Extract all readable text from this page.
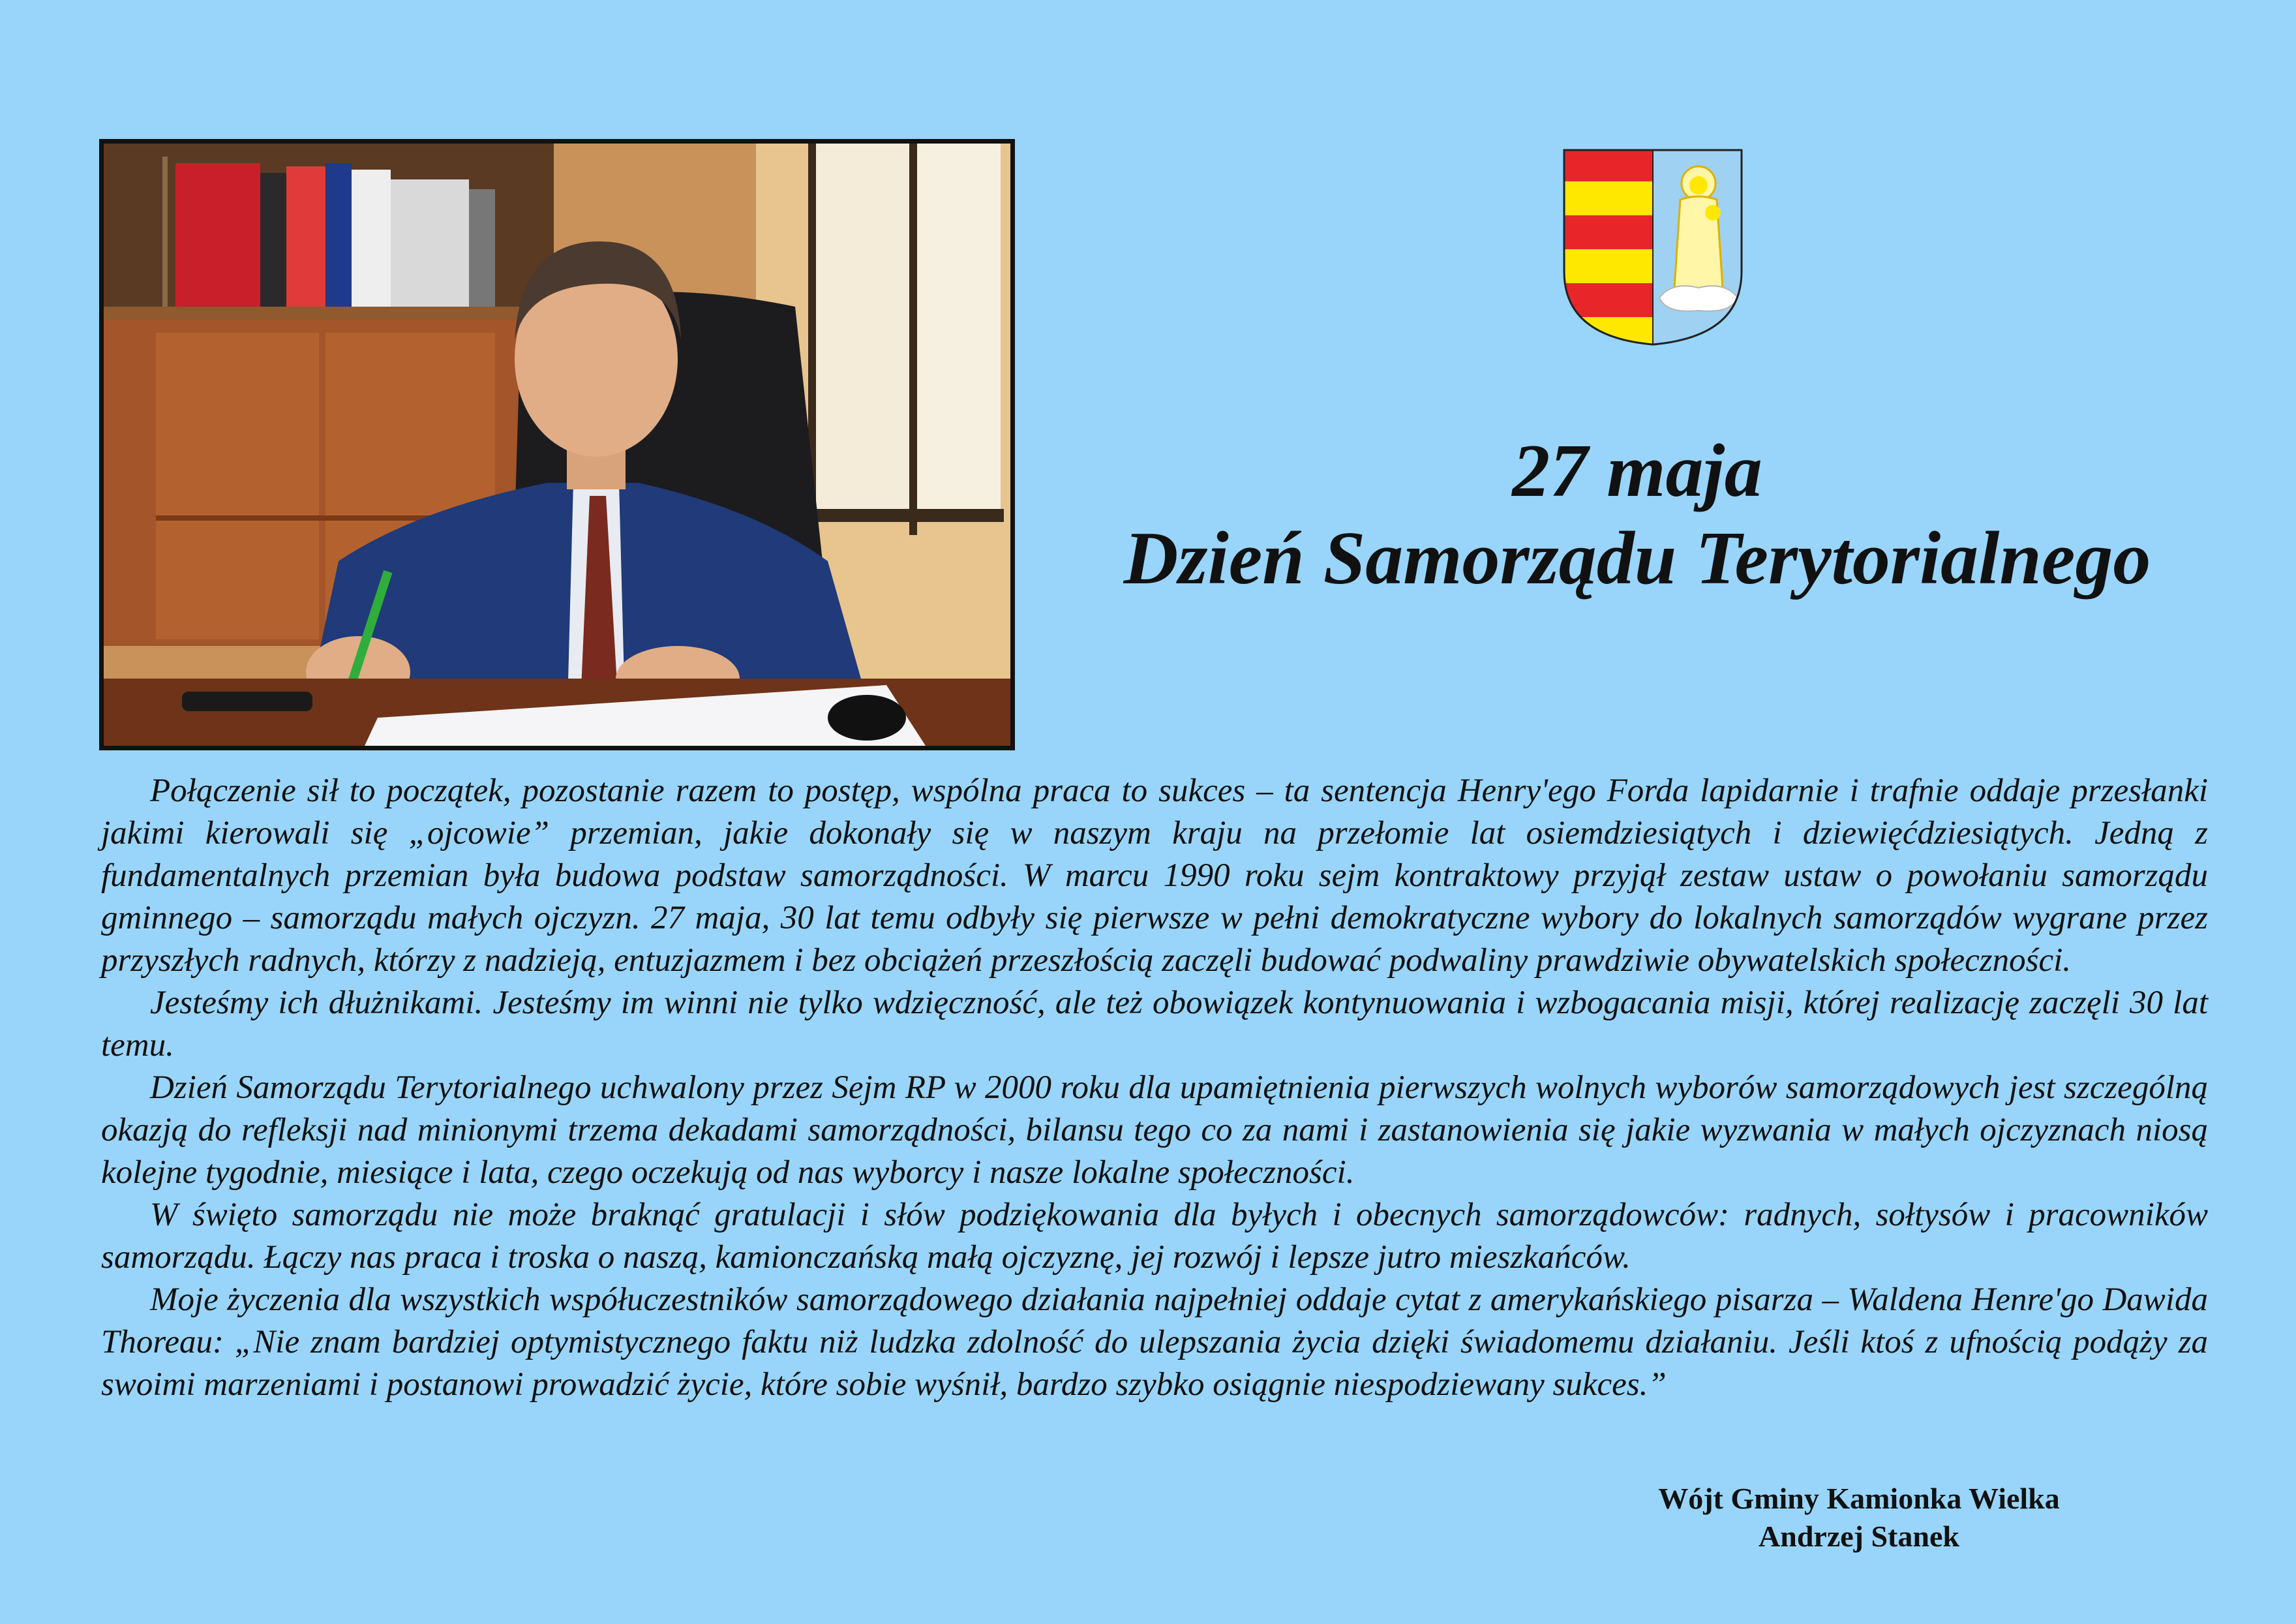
27 maja
Dzień Samorządu Terytorialnego

Połączenie sił to początek, pozostanie razem to postęp, wspólna praca to sukces – ta sentencja Henry'ego Forda lapidarnie i trafnie oddaje przesłanki jakimi kierowali się „ojcowie” przemian, jakie dokonały się w naszym kraju na przełomie lat osiemdziesiątych i dziewięćdziesiątych. Jedną z fundamentalnych przemian była budowa podstaw samorządności. W marcu 1990 roku sejm kontraktowy przyjął zestaw ustaw o powołaniu samorządu gminnego – samorządu małych ojczyzn. 27 maja, 30 lat temu odbyły się pierwsze w pełni demokratyczne wybory do lokalnych samorządów wygrane przez przyszłych radnych, którzy z nadzieją, entuzjazmem i bez obciążeń przeszłością zaczęli budować podwaliny prawdziwie obywatelskich społeczności.

Jesteśmy ich dłużnikami. Jesteśmy im winni nie tylko wdzięczność, ale też obowiązek kontynuowania i wzbogacania misji, której realizację zaczęli 30 lat temu.

Dzień Samorządu Terytorialnego uchwalony przez Sejm RP w 2000 roku dla upamiętnienia pierwszych wolnych wyborów samorządowych jest szczególną okazją do refleksji nad minionymi trzema dekadami samorządności, bilansu tego co za nami i zastanowienia się jakie wyzwania w małych ojczyznach niosą kolejne tygodnie, miesiące i lata, czego oczekują od nas wyborcy i nasze lokalne społeczności.

W święto samorządu nie może braknąć gratulacji i słów podziękowania dla byłych i obecnych samorządowców: radnych, sołtysów i pracowników samorządu. Łączy nas praca i troska o naszą, kamionczańską małą ojczyznę, jej rozwój i lepsze jutro mieszkańców.

Moje życzenia dla wszystkich współuczestników samorządowego działania najpełniej oddaje cytat z amerykańskiego pisarza – Waldena Henre'go Dawida Thoreau: „Nie znam bardziej optymistycznego faktu niż ludzka zdolność do ulepszania życia dzięki świadomemu działaniu. Jeśli ktoś z ufnością podąży za swoimi marzeniami i postanowi prowadzić życie, które sobie wyśnił, bardzo szybko osiągnie niespodziewany sukces.”

Wójt Gminy Kamionka Wielka
Andrzej Stanek
